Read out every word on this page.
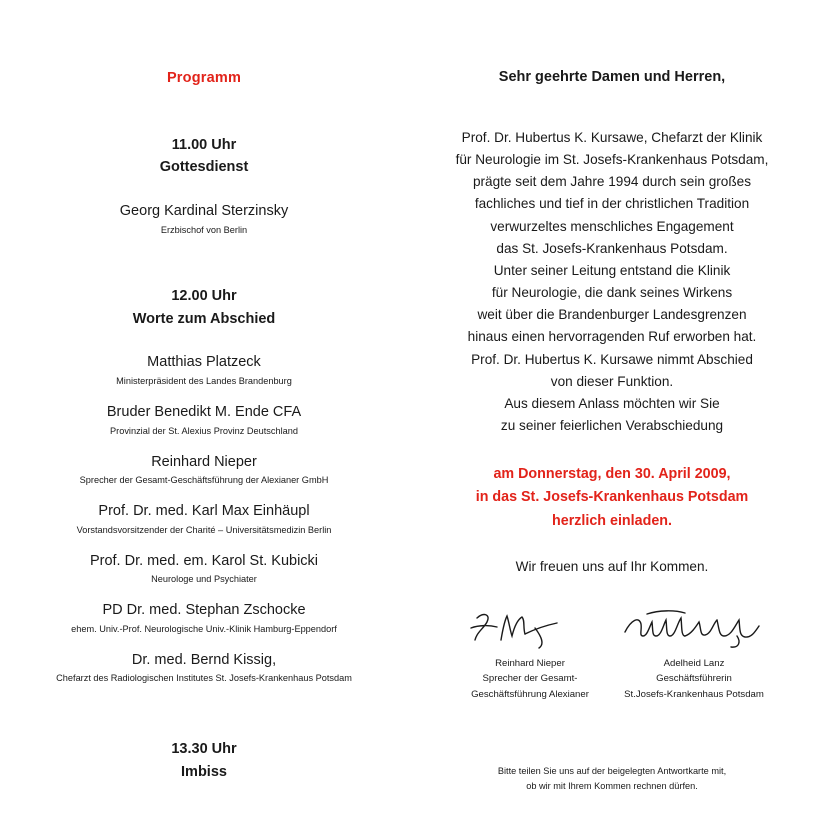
Programm
11.00 Uhr
Gottesdienst
Georg Kardinal Sterzinsky
Erzbischof von Berlin
12.00 Uhr
Worte zum Abschied
Matthias Platzeck
Ministerpräsident des Landes Brandenburg
Bruder Benedikt M. Ende CFA
Provinzial der St. Alexius Provinz Deutschland
Reinhard Nieper
Sprecher der Gesamt-Geschäftsführung der Alexianer GmbH
Prof. Dr. med. Karl Max Einhäupl
Vorstandsvorsitzender der Charité – Universitätsmedizin Berlin
Prof. Dr. med. em. Karol St. Kubicki
Neurologe und Psychiater
PD Dr. med. Stephan Zschocke
ehem. Univ.-Prof. Neurologische Univ.-Klinik Hamburg-Eppendorf
Dr. med. Bernd Kissig,
Chefarzt des Radiologischen Institutes St. Josefs-Krankenhaus Potsdam
13.30 Uhr
Imbiss
Sehr geehrte Damen und Herren,

Prof. Dr. Hubertus K. Kursawe, Chefarzt der Klinik

für Neurologie im St. Josefs-Krankenhaus Potsdam,

prägte seit dem Jahre 1994 durch sein großes

fachliches und tief in der christlichen Tradition

verwurzeltes menschliches Engagement

das St. Josefs-Krankenhaus Potsdam.

Unter seiner Leitung entstand die Klinik

für Neurologie, die dank seines Wirkens

weit über die Brandenburger Landesgrenzen

hinaus einen hervorragenden Ruf erworben hat.

Prof. Dr. Hubertus K. Kursawe nimmt Abschied

von dieser Funktion.

Aus diesem Anlass möchten wir Sie

zu seiner feierlichen Verabschiedung

am Donnerstag, den 30. April 2009,

in das St. Josefs-Krankenhaus Potsdam

herzlich einladen.

Wir freuen uns auf Ihr Kommen.
Reinhard Nieper
Sprecher der Gesamt-
Geschäftsführung Alexianer
Adelheid Lanz
Geschäftsführerin
St.Josefs-Krankenhaus Potsdam

Bitte teilen Sie uns auf der beigelegten Antwortkarte mit,

ob wir mit Ihrem Kommen rechnen dürfen.
